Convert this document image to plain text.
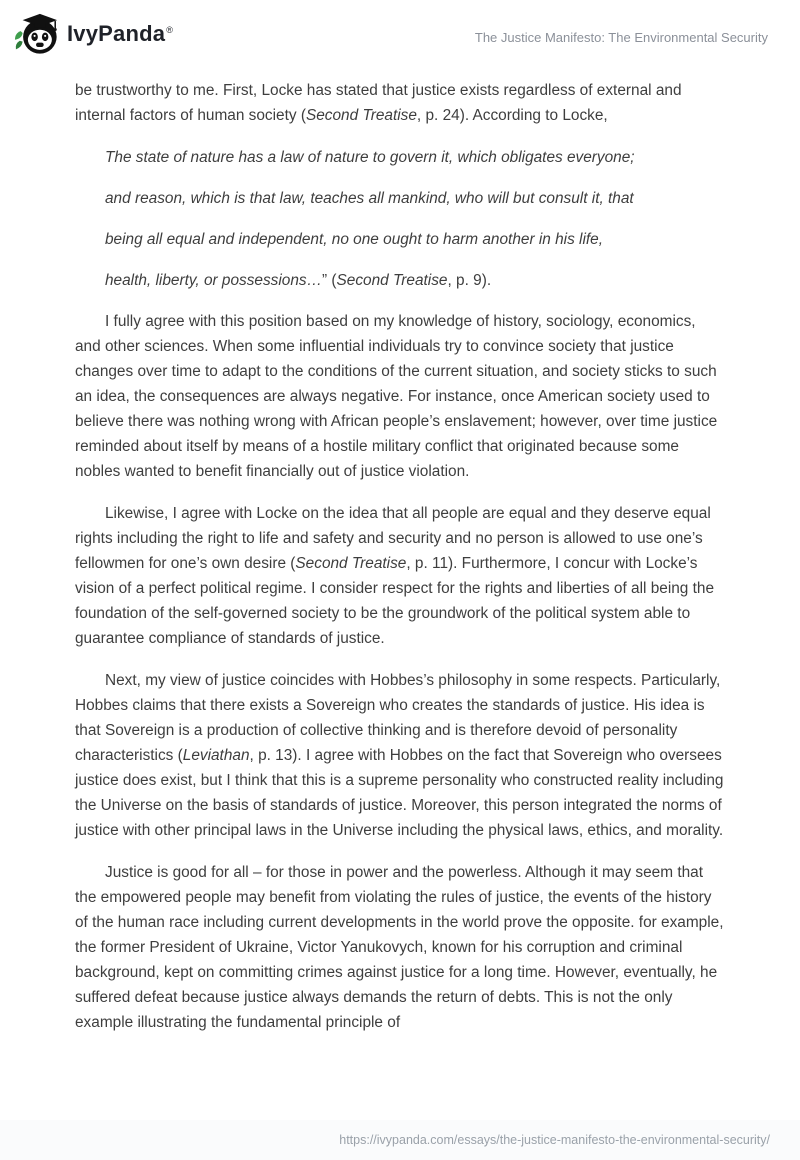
IvyPanda®	The Justice Manifesto: The Environmental Security

be trustworthy to me. First, Locke has stated that justice exists regardless of external and internal factors of human society (Second Treatise, p. 24). According to Locke,

The state of nature has a law of nature to govern it, which obligates everyone;

and reason, which is that law, teaches all mankind, who will but consult it, that

being all equal and independent, no one ought to harm another in his life,

health, liberty, or possessions…” (Second Treatise, p. 9).

I fully agree with this position based on my knowledge of history, sociology, economics, and other sciences. When some influential individuals try to convince society that justice changes over time to adapt to the conditions of the current situation, and society sticks to such an idea, the consequences are always negative. For instance, once American society used to believe there was nothing wrong with African people’s enslavement; however, over time justice reminded about itself by means of a hostile military conflict that originated because some nobles wanted to benefit financially out of justice violation.

Likewise, I agree with Locke on the idea that all people are equal and they deserve equal rights including the right to life and safety and security and no person is allowed to use one’s fellowmen for one’s own desire (Second Treatise, p. 11). Furthermore, I concur with Locke’s vision of a perfect political regime. I consider respect for the rights and liberties of all being the foundation of the self-governed society to be the groundwork of the political system able to guarantee compliance of standards of justice.

Next, my view of justice coincides with Hobbes’s philosophy in some respects. Particularly, Hobbes claims that there exists a Sovereign who creates the standards of justice. His idea is that Sovereign is a production of collective thinking and is therefore devoid of personality characteristics (Leviathan, p. 13). I agree with Hobbes on the fact that Sovereign who oversees justice does exist, but I think that this is a supreme personality who constructed reality including the Universe on the basis of standards of justice. Moreover, this person integrated the norms of justice with other principal laws in the Universe including the physical laws, ethics, and morality.

Justice is good for all – for those in power and the powerless. Although it may seem that the empowered people may benefit from violating the rules of justice, the events of the history of the human race including current developments in the world prove the opposite. for example, the former President of Ukraine, Victor Yanukovych, known for his corruption and criminal background, kept on committing crimes against justice for a long time. However, eventually, he suffered defeat because justice always demands the return of debts. This is not the only example illustrating the fundamental principle of

https://ivypanda.com/essays/the-justice-manifesto-the-environmental-security/
